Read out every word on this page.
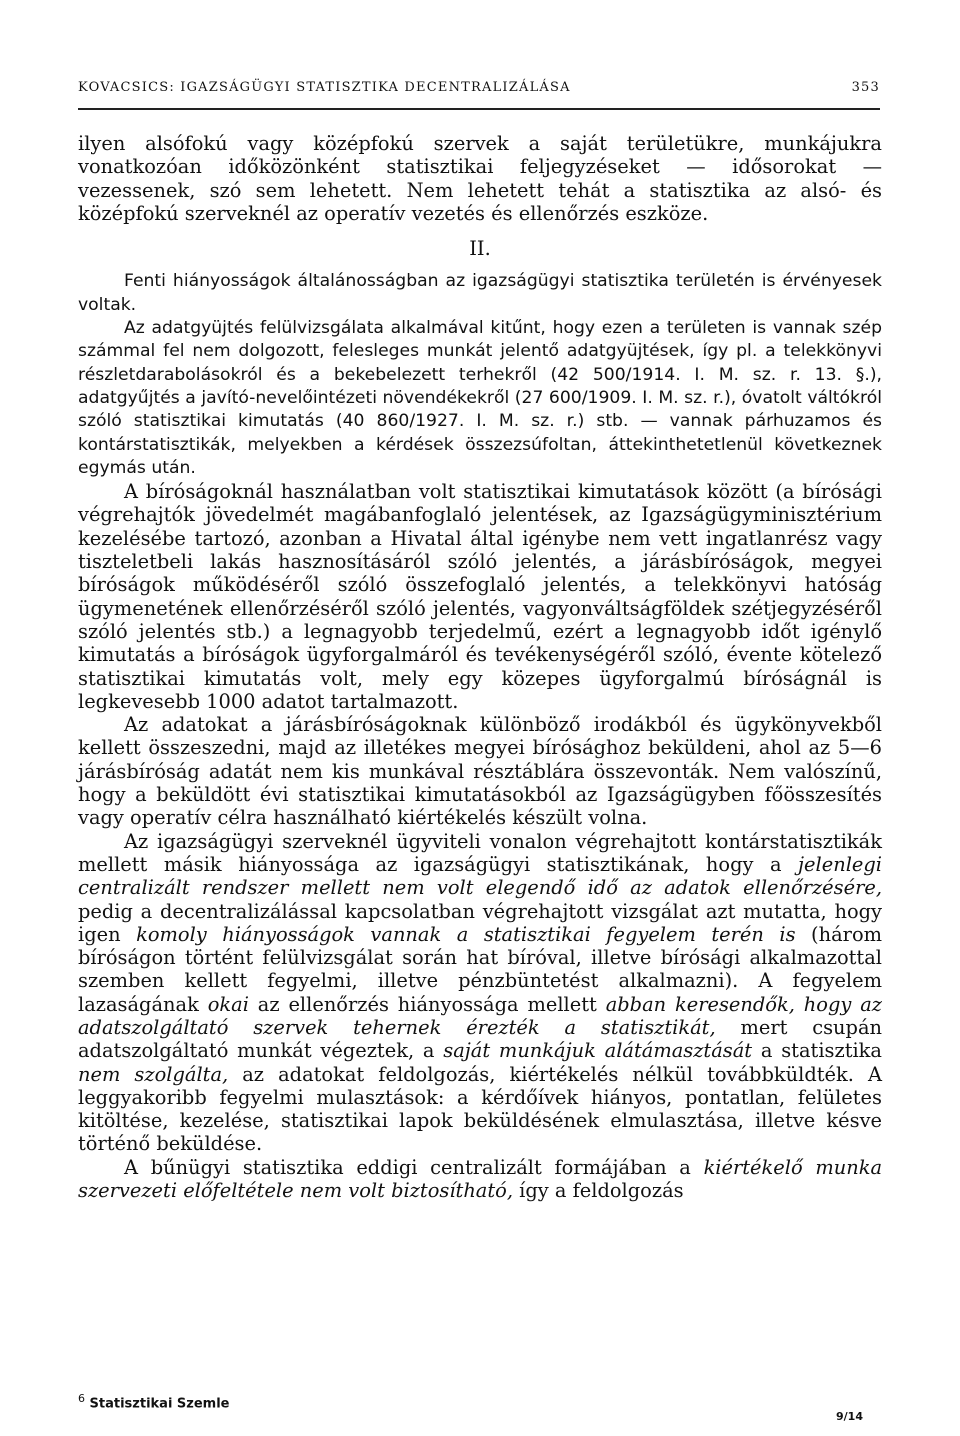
KOVACSICS: IGAZSÁGÜGYI STATISZTIKA DECENTRALIZÁLÁSA	353

ilyen alsófokú vagy középfokú szervek a saját területükre, munkájukra vonatkozóan időközönként statisztikai feljegyzéseket — idősorokat — vezessenek, szó sem lehetett. Nem lehetett tehát a statisztika az alsó- és középfokú szerveknél az operatív vezetés és ellenőrzés eszköze.

II.

Fenti hiányosságok általánosságban az igazságügyi statisztika területén is érvényesek voltak.

Az adatgyüjtés felülvizsgálata alkalmával kitűnt, hogy ezen a területen is vannak szép számmal fel nem dolgozott, felesleges munkát jelentő adatgyüjtések, így pl. a telekkönyvi részletdarabolásokról és a bekebelezett terhekről (42 500/1914. I. M. sz. r. 13. §.), adatgyűjtés a javító-nevelőintézeti növendékekről (27 600/1909. I. M. sz. r.), óvatolt váltókról szóló statisztikai kimutatás (40 860/1927. I. M. sz. r.) stb. — vannak párhuzamos és kontárstatisztikák, melyekben a kérdések összezsúfoltan, áttekinthetetlenül következnek egymás után.

A bíróságoknál használatban volt statisztikai kimutatások között (a bírósági végrehajtók jövedelmét magábanfoglaló jelentések, az Igazságügyminisztérium kezelésébe tartozó, azonban a Hivatal által igénybe nem vett ingatlanrész vagy tiszteletbeli lakás hasznosításáról szóló jelentés, a járásbíróságok, megyei bíróságok működéséről szóló összefoglaló jelentés, a telekkönyvi hatóság ügymenetének ellenőrzéséről szóló jelentés, vagyonváltságföldek szétjegyzéséről szóló jelentés stb.) a legnagyobb terjedelmű, ezért a legnagyobb időt igénylő kimutatás a bíróságok ügyforgalmáról és tevékenységéről szóló, évente kötelező statisztikai kimutatás volt, mely egy közepes ügyforgalmú bíróságnál is legkevesebb 1000 adatot tartalmazott.

Az adatokat a járásbíróságoknak különböző irodákból és ügykönyvekből kellett összeszedni, majd az illetékes megyei bírósághoz beküldeni, ahol az 5—6 járásbíróság adatát nem kis munkával résztáblára összevonták. Nem valószínű, hogy a beküldött évi statisztikai kimutatásokból az Igazságügyben főösszesítés vagy operatív célra használható kiértékelés készült volna.

Az igazságügyi szerveknél ügyviteli vonalon végrehajtott kontárstatisztikák mellett másik hiányossága az igazságügyi statisztikának, hogy a jelenlegi centralizált rendszer mellett nem volt elegendő idő az adatok ellenőrzésére, pedig a decentralizálással kapcsolatban végrehajtott vizsgálat azt mutatta, hogy igen komoly hiányosságok vannak a statisztikai fegyelem terén is (három bíróságon történt felülvizsgálat során hat bíróval, illetve bírósági alkalmazottal szemben kellett fegyelmi, illetve pénzbüntetést alkalmazni). A fegyelem lazaságának okai az ellenőrzés hiányossága mellett abban keresendők, hogy az adatszolgáltató szervek tehernek érezték a statisztikát, mert csupán adatszolgáltató munkát végeztek, a saját munkájuk alátámasztását a statisztika nem szolgálta, az adatokat feldolgozás, kiértékelés nélkül továbbküldték. A leggyakoribb fegyelmi mulasztások: a kérdőívek hiányos, pontatlan, felületes kitöltése, kezelése, statisztikai lapok beküldésének elmulasztása, illetve késve történő beküldése.

A bűnügyi statisztika eddigi centralizált formájában a kiértékelő munka szervezeti előfeltétele nem volt biztosítható, így a feldolgozás

$^6$ Statisztikai Szemle
9/14
